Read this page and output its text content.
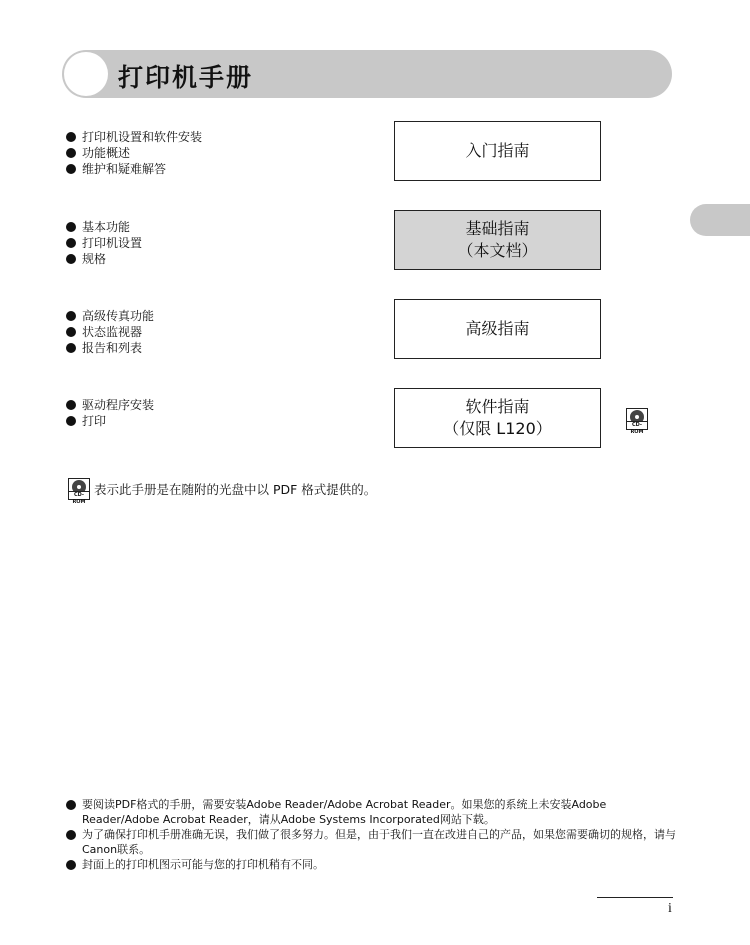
打印机手册
打印机设置和软件安装
功能概述
维护和疑难解答
入门指南
基本功能
打印机设置
规格
基础指南
（本文档）
高级传真功能
状态监视器
报告和列表
高级指南
驱动程序安装
打印
软件指南
（仅限 L120）	CD-ROM
CD-ROM
表示此手册是在随附的光盘中以 PDF 格式提供的。
要阅读PDF格式的手册，需要安装Adobe Reader/Adobe Acrobat Reader。如果您的系统上未安装Adobe Reader/Adobe Acrobat Reader，请从Adobe Systems Incorporated网站下载。
为了确保打印机手册准确无误，我们做了很多努力。但是，由于我们一直在改进自己的产品，如果您需要确切的规格，请与Canon联系。
封面上的打印机图示可能与您的打印机稍有不同。
i
